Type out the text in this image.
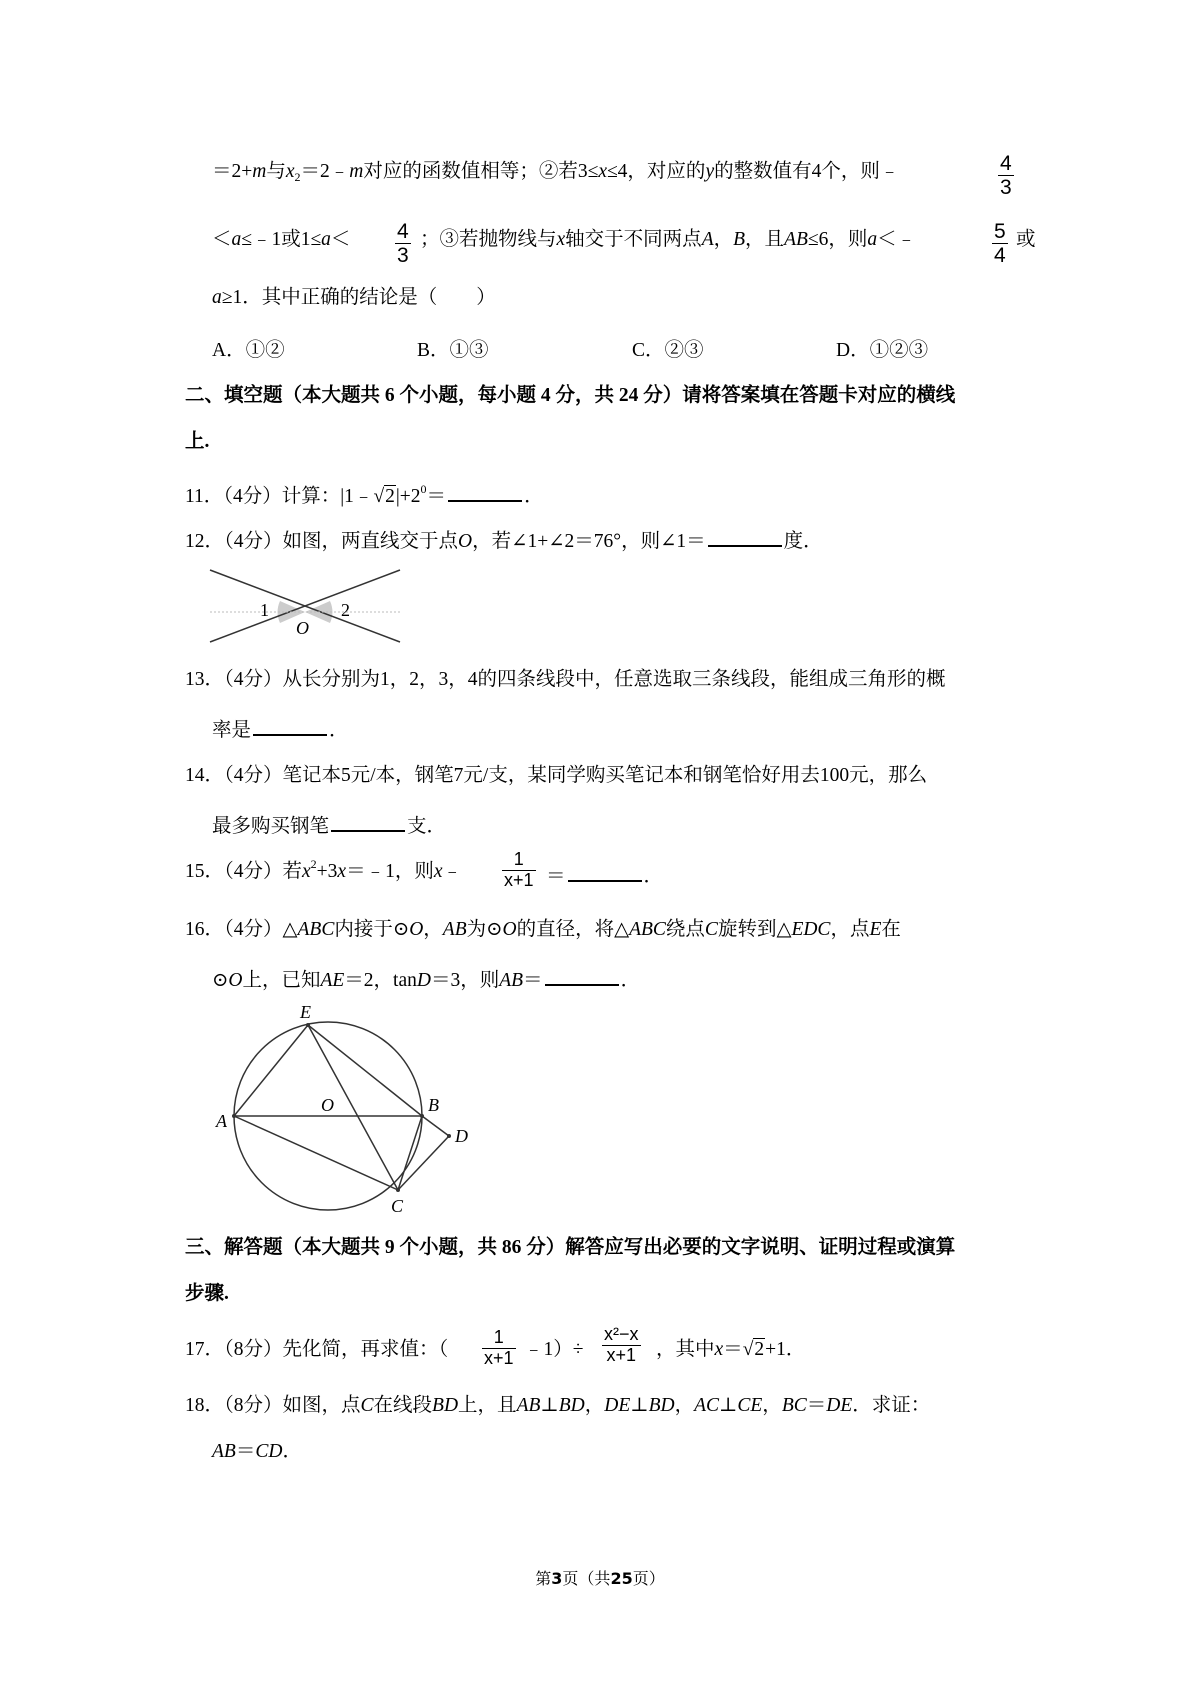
＝2+m与$x_2=2﹣m$对应的函数值相等；②若3≤x≤4，对应的y的整数值有4个，则﹣	$\frac{4}{3}$
＜a≤﹣1或$1\le a< \frac{4}{3}$ ；③若抛物线与x轴交于不同两点A，B，且AB≤6，则a＜﹣	$\frac{5}{4}$ 或
a≥1．其中正确的结论是（　　）
A．①②	B．①③	C．②③	D．①②③
二、填空题（本大题共 6 个小题，每小题 4 分，共 24 分）请将答案填在答题卡对应的横线
上.
11．（4分）计算：$|1﹣√2|+2^0=$	．
12．（4分）如图，两直线交于点O，若∠1+∠2＝76°，则∠1＝	度．
1
O
2
13．（4分）从长分别为1，2，3，4的四条线段中，任意选取三条线段，能组成三角形的概
率是	．
14．（4分）笔记本5元/本，钢笔7元/支，某同学购买笔记本和钢笔恰好用去100元，那么
最多购买钢笔	支．
15．（4分）若$x^2+3x=﹣1$，则x﹣ $\frac{1}{x+1}$ ＝	．
16．（4分）△ABC内接于⊙O，AB为⊙O的直径，将△ABC绕点C旋转到△EDC，点E在
⊙O上，已知AE＝2，tanD＝3，则AB＝	．
E
A
O	B
D
C
三、解答题（本大题共 9 个小题，共 86 分）解答应写出必要的文字说明、证明过程或演算
步骤.
17．（8分）先化简，再求值：（ $\frac{1}{x+1}$ ﹣1）÷ $\frac{\text{x²−x}}{x+1}$ ，其中x＝√2+1．
18．（8分）如图，点C在线段BD上，且AB⊥BD，DE⊥BD，AC⊥CE，BC＝DE．求证：
AB＝CD．
第3页（共25页）
